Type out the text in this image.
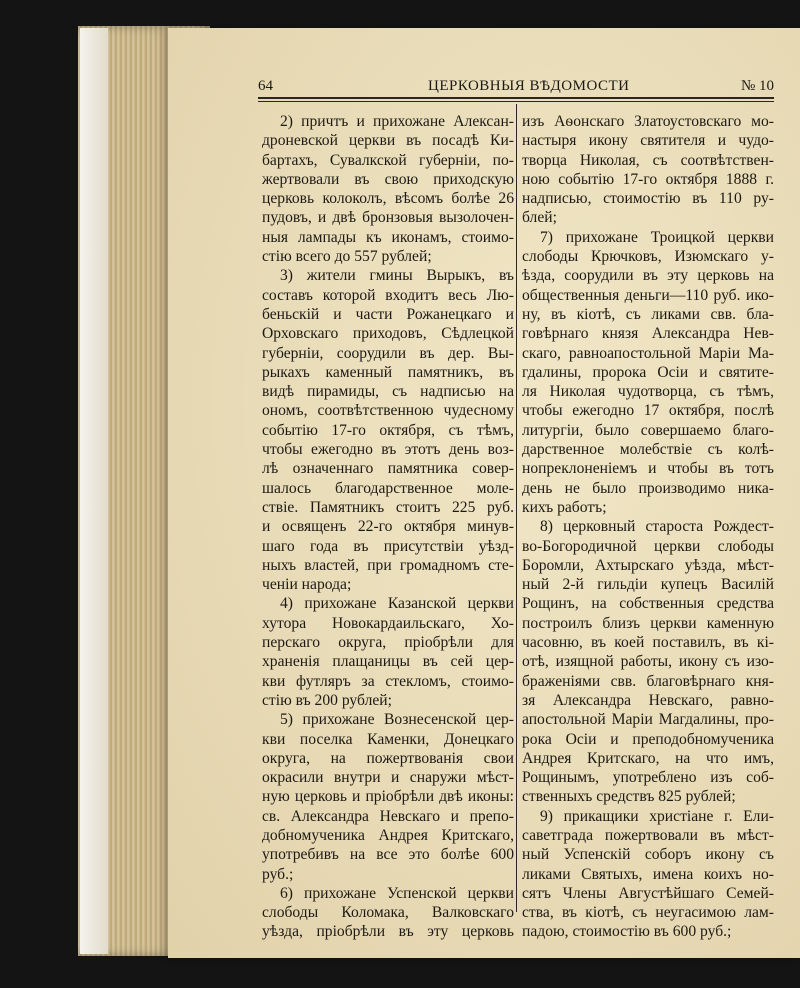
64	ЦЕРКОВНЫЯ ВѢДОМОСТИ	№ 10
2) причтъ и прихожане Алексан-
дроневской церкви въ посадѣ Ки-
бартахъ, Сувалкской губерніи, по-
жертвовали въ свою приходскую
церковь колоколъ, вѣсомъ болѣе 26
пудовъ, и двѣ бронзовыя вызолочен-
ныя лампады къ иконамъ, стоимо-
стію всего до 557 рублей;
3) жители гмины Вырыкъ, въ
составъ которой входитъ весь Лю-
беньскій и части Рожанецкаго и
Орховскаго приходовъ, Сѣдлецкой
губерніи, соорудили въ дер. Вы-
рыкахъ каменный памятникъ, въ
видѣ пирамиды, съ надписью на
ономъ, соотвѣтственною чудесному
событію 17-го октября, съ тѣмъ,
чтобы ежегодно въ этотъ день воз-
лѣ означеннаго памятника совер-
шалось благодарственное моле-
ствіе. Памятникъ стоитъ 225 руб.
и освященъ 22-го октября минув-
шаго года въ присутствіи уѣзд-
ныхъ властей, при громадномъ сте-
ченіи народа;
4) прихожане Казанской церкви
хутора Новокардаильскаго, Хо-
перскаго округа, пріобрѣли для
храненія плащаницы въ сей цер-
кви футляръ за стекломъ, стоимо-
стію въ 200 рублей;
5) прихожане Вознесенской цер-
кви поселка Каменки, Донецкаго
округа, на пожертвованія свои
окрасили внутри и снаружи мѣст-
ную церковь и пріобрѣли двѣ иконы:
св. Александра Невскаго и препо-
добномученика Андрея Критскаго,
употребивъ на все это болѣе 600
руб.;
6) прихожане Успенской церкви
слободы Коломака, Валковскаго
уѣзда, пріобрѣли въ эту церковь
изъ Аѳонскаго Златоустовскаго мо-
настыря икону святителя и чудо-
творца Николая, съ соотвѣтствен-
ною событію 17-го октября 1888 г.
надписью, стоимостію въ 110 ру-
блей;
7) прихожане Троицкой церкви
слободы Крючковъ, Изюмскаго у-
ѣзда, соорудили въ эту церковь на
общественныя деньги—110 руб. ико-
ну, въ кіотѣ, съ ликами свв. бла-
говѣрнаго князя Александра Нев-
скаго, равноапостольной Маріи Ма-
гдалины, пророка Осіи и святите-
ля Николая чудотворца, съ тѣмъ,
чтобы ежегодно 17 октября, послѣ
литургіи, было совершаемо благо-
дарственное молебствіе съ колѣ-
нопреклоненіемъ и чтобы въ тотъ
день не было производимо ника-
кихъ работъ;
8) церковный староста Рождест-
во-Богородичной церкви слободы
Боромли, Ахтырскаго уѣзда, мѣст-
ный 2-й гильдіи купецъ Василій
Рощинъ, на собственныя средства
построилъ близъ церкви каменную
часовню, въ коей поставилъ, въ кі-
отѣ, изящной работы, икону съ изо-
браженіями свв. благовѣрнаго кня-
зя Александра Невскаго, равно-
апостольной Маріи Магдалины, про-
рока Осіи и преподобномученика
Андрея Критскаго, на что имъ,
Рощинымъ, употреблено изъ соб-
ственныхъ средствъ 825 рублей;
9) прикащики христіане г. Ели-
саветграда пожертвовали въ мѣст-
ный Успенскій соборъ икону съ
ликами Святыхъ, имена коихъ но-
сятъ Члены Августѣйшаго Семей-
ства, въ кіотѣ, съ неугасимою лам-
падою, стоимостію въ 600 руб.;
